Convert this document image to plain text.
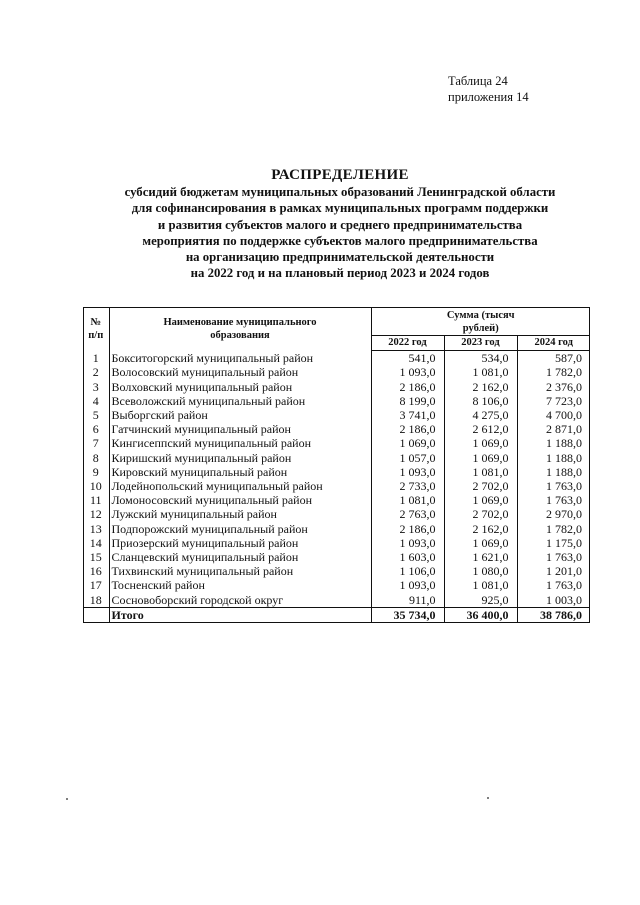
Таблица 24
приложения 14
РАСПРЕДЕЛЕНИЕ
субсидий бюджетам муниципальных образований Ленинградской области
для софинансирования в рамках муниципальных программ поддержки
и развития субъектов малого и среднего предпринимательства
мероприятия по поддержке субъектов малого предпринимательства
на организацию предпринимательской деятельности
на 2022 год и на плановый период 2023 и 2024 годов
№ п/п	Наименование муниципального образования	Сумма (тысяч рублей)		
		2022 год	2023 год	2024 год
1	Бокситогорский муниципальный район	541,0	534,0	587,0
2	Волосовский муниципальный район	1 093,0	1 081,0	1 782,0
3	Волховский муниципальный район	2 186,0	2 162,0	2 376,0
4	Всеволожский муниципальный район	8 199,0	8 106,0	7 723,0
5	Выборгский район	3 741,0	4 275,0	4 700,0
6	Гатчинский муниципальный район	2 186,0	2 612,0	2 871,0
7	Кингисеппский муниципальный район	1 069,0	1 069,0	1 188,0
8	Киришский муниципальный район	1 057,0	1 069,0	1 188,0
9	Кировский муниципальный район	1 093,0	1 081,0	1 188,0
10	Лодейнопольский муниципальный район	2 733,0	2 702,0	1 763,0
11	Ломоносовский муниципальный район	1 081,0	1 069,0	1 763,0
12	Лужский муниципальный район	2 763,0	2 702,0	2 970,0
13	Подпорожский муниципальный район	2 186,0	2 162,0	1 782,0
14	Приозерский муниципальный район	1 093,0	1 069,0	1 175,0
15	Сланцевский муниципальный район	1 603,0	1 621,0	1 763,0
16	Тихвинский муниципальный район	1 106,0	1 080,0	1 201,0
17	Тосненский район	1 093,0	1 081,0	1 763,0
18	Сосновоборский городской округ	911,0	925,0	1 003,0
	Итого	35 734,0	36 400,0	38 786,0
